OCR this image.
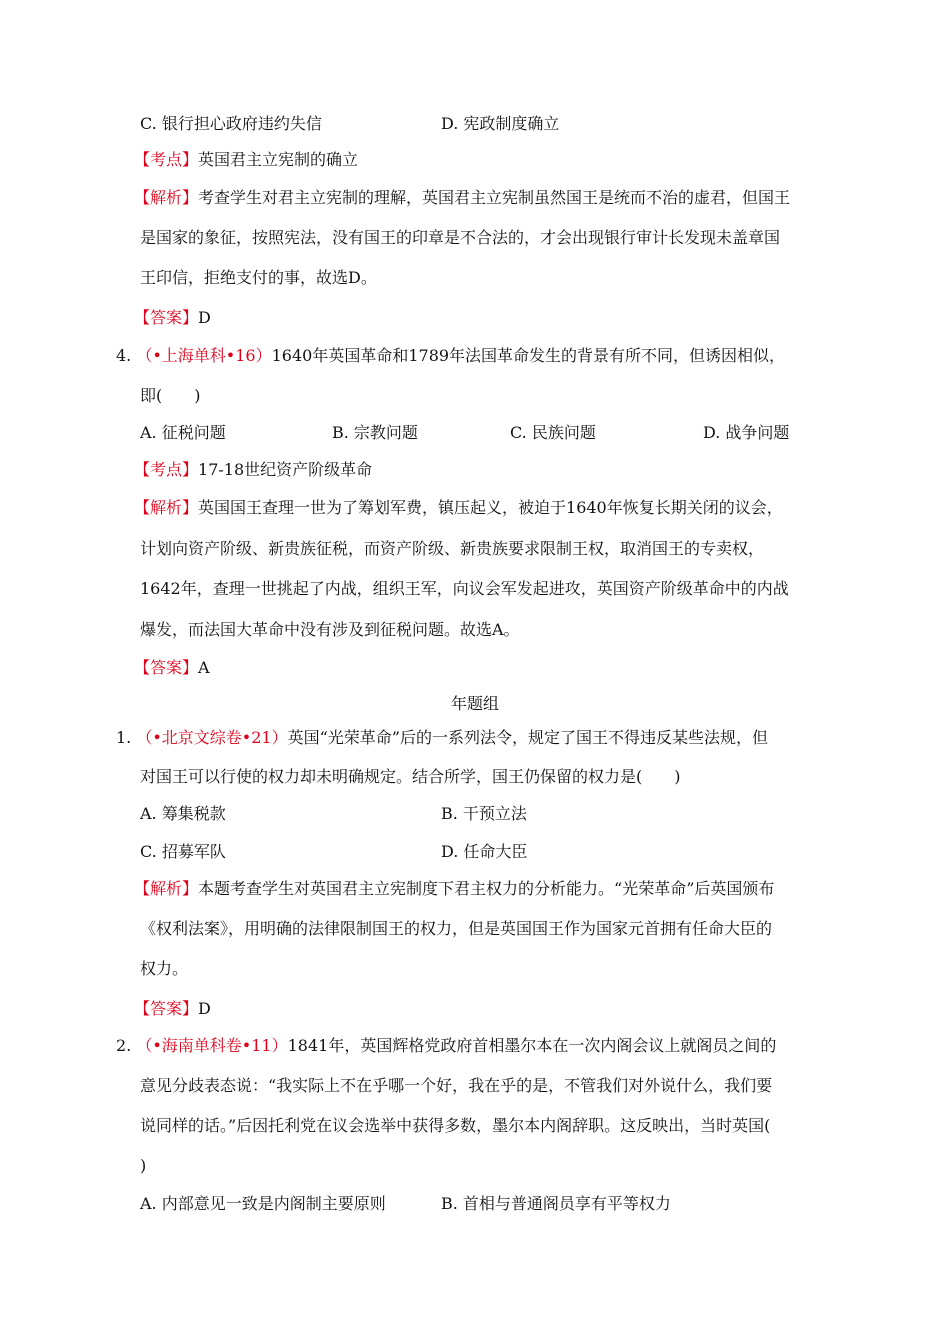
C. 银行担心政府违约失信	D. 宪政制度确立
【考点】英国君主立宪制的确立
【解析】考查学生对君主立宪制的理解，英国君主立宪制虽然国王是统而不治的虚君，但国王
是国家的象征，按照宪法，没有国王的印章是不合法的，才会出现银行审计长发现未盖章国
王印信，拒绝支付的事，故选D。
【答案】D
4. （•上海单科•16）1640年英国革命和1789年法国革命发生的背景有所不同，但诱因相似，
即(　　)
A. 征税问题	B. 宗教问题	C. 民族问题	D. 战争问题
【考点】17-18世纪资产阶级革命
【解析】英国国王查理一世为了筹划军费，镇压起义，被迫于1640年恢复长期关闭的议会，
计划向资产阶级、新贵族征税，而资产阶级、新贵族要求限制王权，取消国王的专卖权，
1642年，查理一世挑起了内战，组织王军，向议会军发起进攻，英国资产阶级革命中的内战
爆发，而法国大革命中没有涉及到征税问题。故选A。
【答案】A
年题组
1. （•北京文综卷•21）英国“光荣革命”后的一系列法令，规定了国王不得违反某些法规，但
对国王可以行使的权力却未明确规定。结合所学，国王仍保留的权力是(　　)
A. 筹集税款	B. 干预立法
C. 招募军队	D. 任命大臣
【解析】本题考查学生对英国君主立宪制度下君主权力的分析能力。“光荣革命”后英国颁布
《权利法案》，用明确的法律限制国王的权力，但是英国国王作为国家元首拥有任命大臣的
权力。
【答案】D
2. （•海南单科卷•11）1841年，英国辉格党政府首相墨尔本在一次内阁会议上就阁员之间的
意见分歧表态说：“我实际上不在乎哪一个好，我在乎的是，不管我们对外说什么，我们要
说同样的话。”后因托利党在议会选举中获得多数，墨尔本内阁辞职。这反映出，当时英国(
)
A. 内部意见一致是内阁制主要原则	B. 首相与普通阁员享有平等权力
